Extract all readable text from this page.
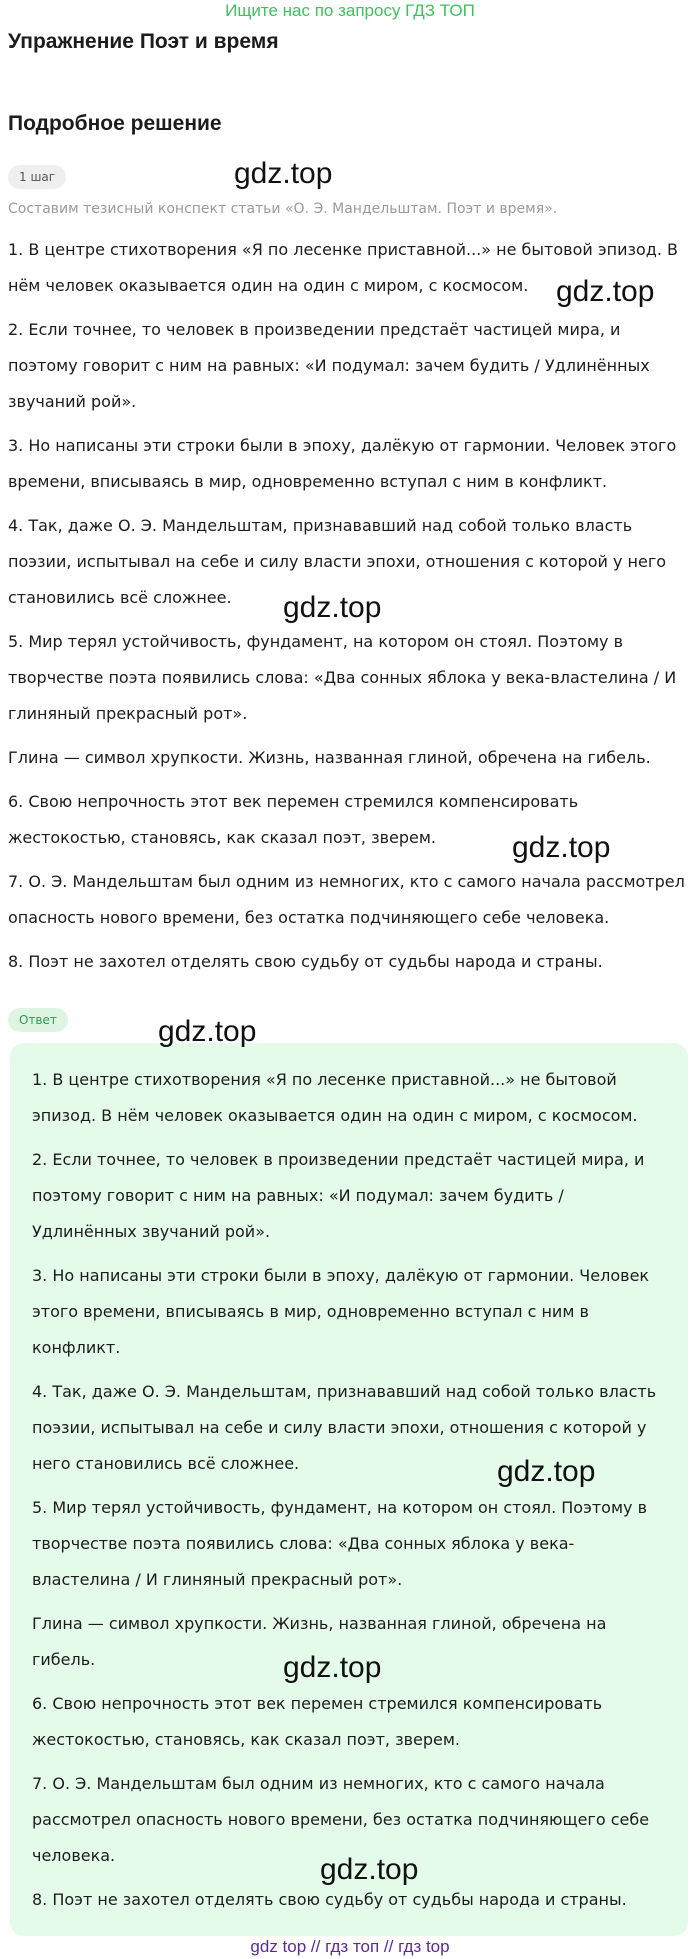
Ищите нас по запросу ГДЗ ТОП
Упражнение Поэт и время
Подробное решение
1 шаг
Составим тезисный конспект статьи «О. Э. Мандельштам. Поэт и время».

1. В центре стихотворения «Я по лесенке приставной...» не бытовой эпизод. В нём человек оказывается один на один с миром, с космосом.

2. Если точнее, то человек в произведении предстаёт частицей мира, и поэтому говорит с ним на равных: «И подумал: зачем будить / Удлинённых звучаний рой».

3. Но написаны эти строки были в эпоху, далёкую от гармонии. Человек этого времени, вписываясь в мир, одновременно вступал с ним в конфликт.

4. Так, даже О. Э. Мандельштам, признававший над собой только власть поэзии, испытывал на себе и силу власти эпохи, отношения с которой у него становились всё сложнее.

5. Мир терял устойчивость, фундамент, на котором он стоял. Поэтому в творчестве поэта появились слова: «Два сонных яблока у века-властелина / И глиняный прекрасный рот».

Глина — символ хрупкости. Жизнь, названная глиной, обречена на гибель.

6. Свою непрочность этот век перемен стремился компенсировать жестокостью, становясь, как сказал поэт, зверем.

7. О. Э. Мандельштам был одним из немногих, кто с самого начала рассмотрел опасность нового времени, без остатка подчиняющего себе человека.

8. Поэт не захотел отделять свою судьбу от судьбы народа и страны.

Ответ

1. В центре стихотворения «Я по лесенке приставной...» не бытовой эпизод. В нём человек оказывается один на один с миром, с космосом.

2. Если точнее, то человек в произведении предстаёт частицей мира, и поэтому говорит с ним на равных: «И подумал: зачем будить / Удлинённых звучаний рой».

3. Но написаны эти строки были в эпоху, далёкую от гармонии. Человек этого времени, вписываясь в мир, одновременно вступал с ним в конфликт.

4. Так, даже О. Э. Мандельштам, признававший над собой только власть поэзии, испытывал на себе и силу власти эпохи, отношения с которой у него становились всё сложнее.

5. Мир терял устойчивость, фундамент, на котором он стоял. Поэтому в творчестве поэта появились слова: «Два сонных яблока у века-властелина / И глиняный прекрасный рот».

Глина — символ хрупкости. Жизнь, названная глиной, обречена на гибель.

6. Свою непрочность этот век перемен стремился компенсировать жестокостью, становясь, как сказал поэт, зверем.

7. О. Э. Мандельштам был одним из немногих, кто с самого начала рассмотрел опасность нового времени, без остатка подчиняющего себе человека.

8. Поэт не захотел отделять свою судьбу от судьбы народа и страны.

gdz.top
gdz.top
gdz.top
gdz.top
gdz.top
gdz.top
gdz.top
gdz.top
gdz top // гдз топ // гдз top
